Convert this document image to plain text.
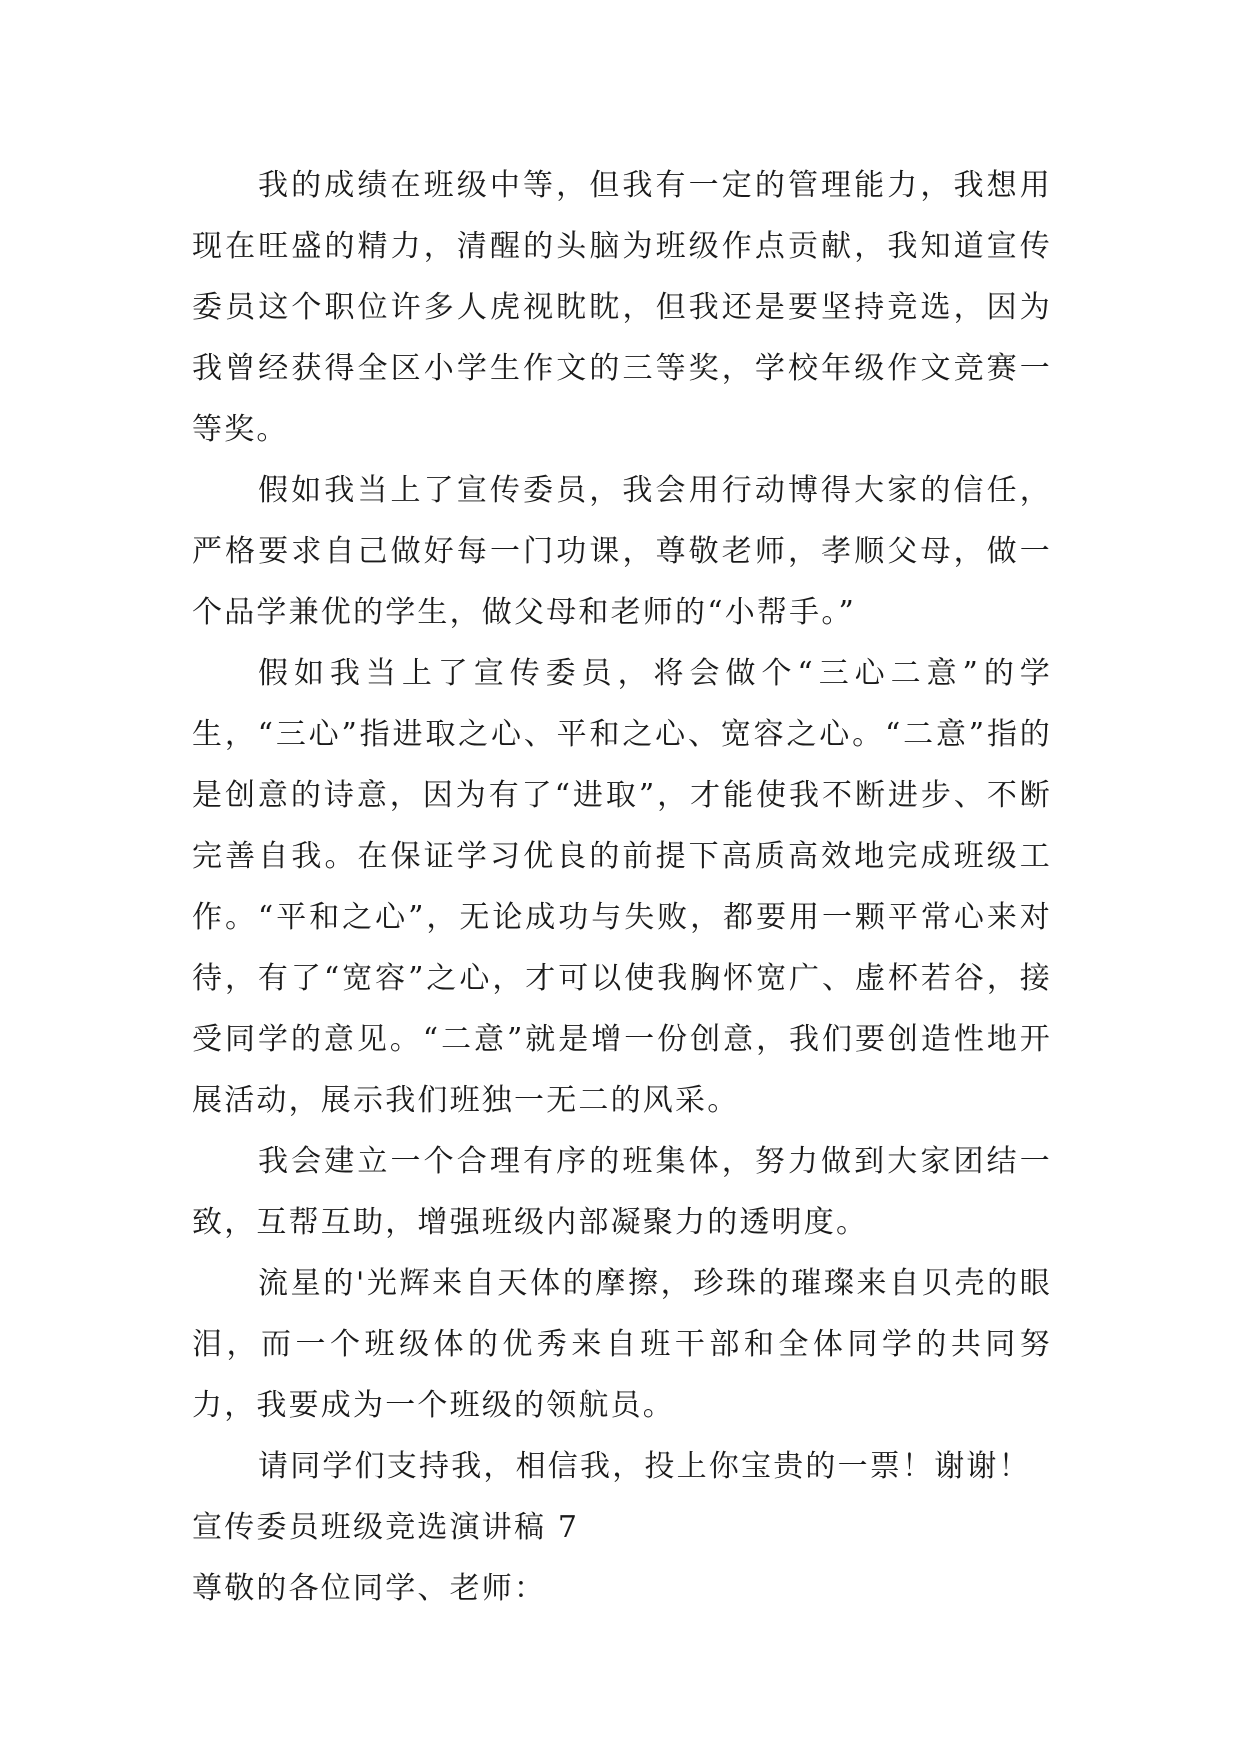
我的成绩在班级中等，但我有一定的管理能力，我想用现在旺盛的精力，清醒的头脑为班级作点贡献，我知道宣传委员这个职位许多人虎视眈眈，但我还是要坚持竞选，因为我曾经获得全区小学生作文的三等奖，学校年级作文竞赛一等奖。

假如我当上了宣传委员，我会用行动博得大家的信任，严格要求自己做好每一门功课，尊敬老师，孝顺父母，做一个品学兼优的学生，做父母和老师的“小帮手。”

假如我当上了宣传委员，将会做个“三心二意”的学生，“三心”指进取之心、平和之心、宽容之心。“二意”指的是创意的诗意，因为有了“进取”，才能使我不断进步、不断完善自我。在保证学习优良的前提下高质高效地完成班级工作。“平和之心”，无论成功与失败，都要用一颗平常心来对待，有了“宽容”之心，才可以使我胸怀宽广、虚杯若谷，接受同学的意见。“二意”就是增一份创意，我们要创造性地开展活动，展示我们班独一无二的风采。

我会建立一个合理有序的班集体，努力做到大家团结一致，互帮互助，增强班级内部凝聚力的透明度。

流星的'光辉来自天体的摩擦，珍珠的璀璨来自贝壳的眼泪，而一个班级体的优秀来自班干部和全体同学的共同努力，我要成为一个班级的领航员。

请同学们支持我，相信我，投上你宝贵的一票！谢谢！

宣传委员班级竞选演讲稿 7

尊敬的各位同学、老师：
